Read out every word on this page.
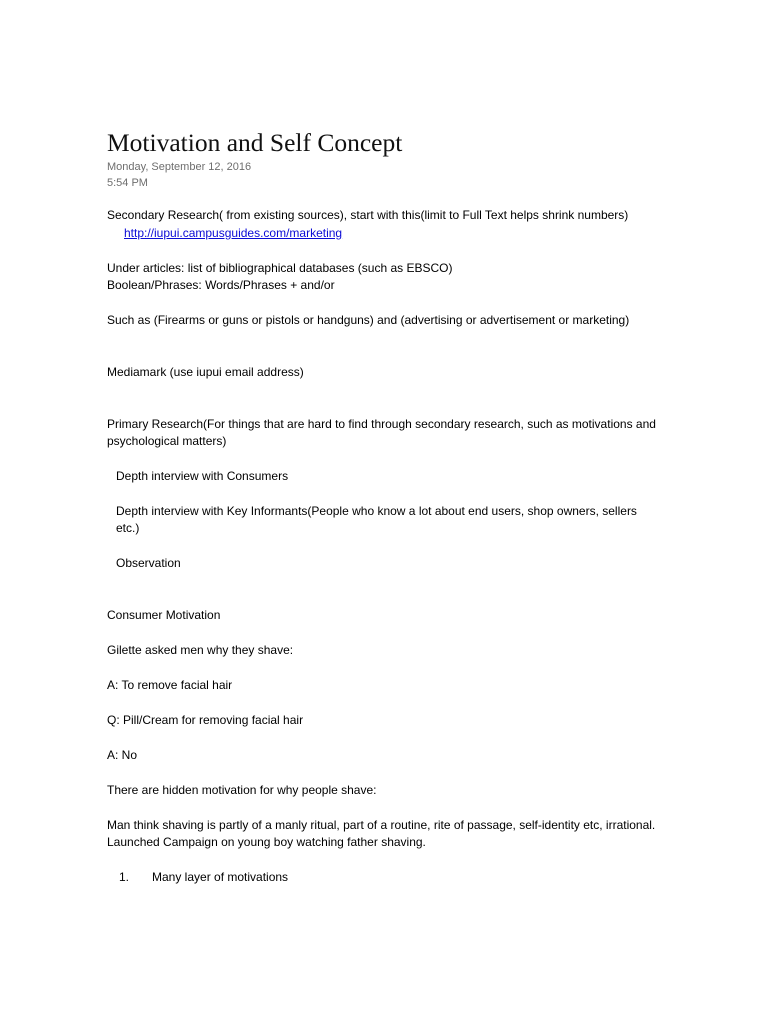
Motivation and Self Concept
Monday, September 12, 2016
5:54 PM
Secondary Research( from existing sources), start with this(limit to Full Text helps shrink numbers)
http://iupui.campusguides.com/marketing
Under articles: list of bibliographical databases (such as EBSCO)
Boolean/Phrases: Words/Phrases + and/or
Such as (Firearms or guns or pistols or handguns) and (advertising or advertisement or marketing)
Mediamark (use iupui email address)
Primary Research(For things that are hard to find through secondary research, such as motivations and psychological matters)
Depth interview with Consumers
Depth interview with Key Informants(People who know a lot about end users, shop owners, sellers etc.)
Observation
Consumer Motivation
Gilette asked men why they shave:
A: To remove facial hair
Q: Pill/Cream for removing facial hair
A: No
There are hidden motivation for why people shave:
Man think shaving is partly of a manly ritual, part of a routine, rite of passage, self-identity etc, irrational. Launched Campaign on young boy watching father shaving.
1. Many layer of motivations
